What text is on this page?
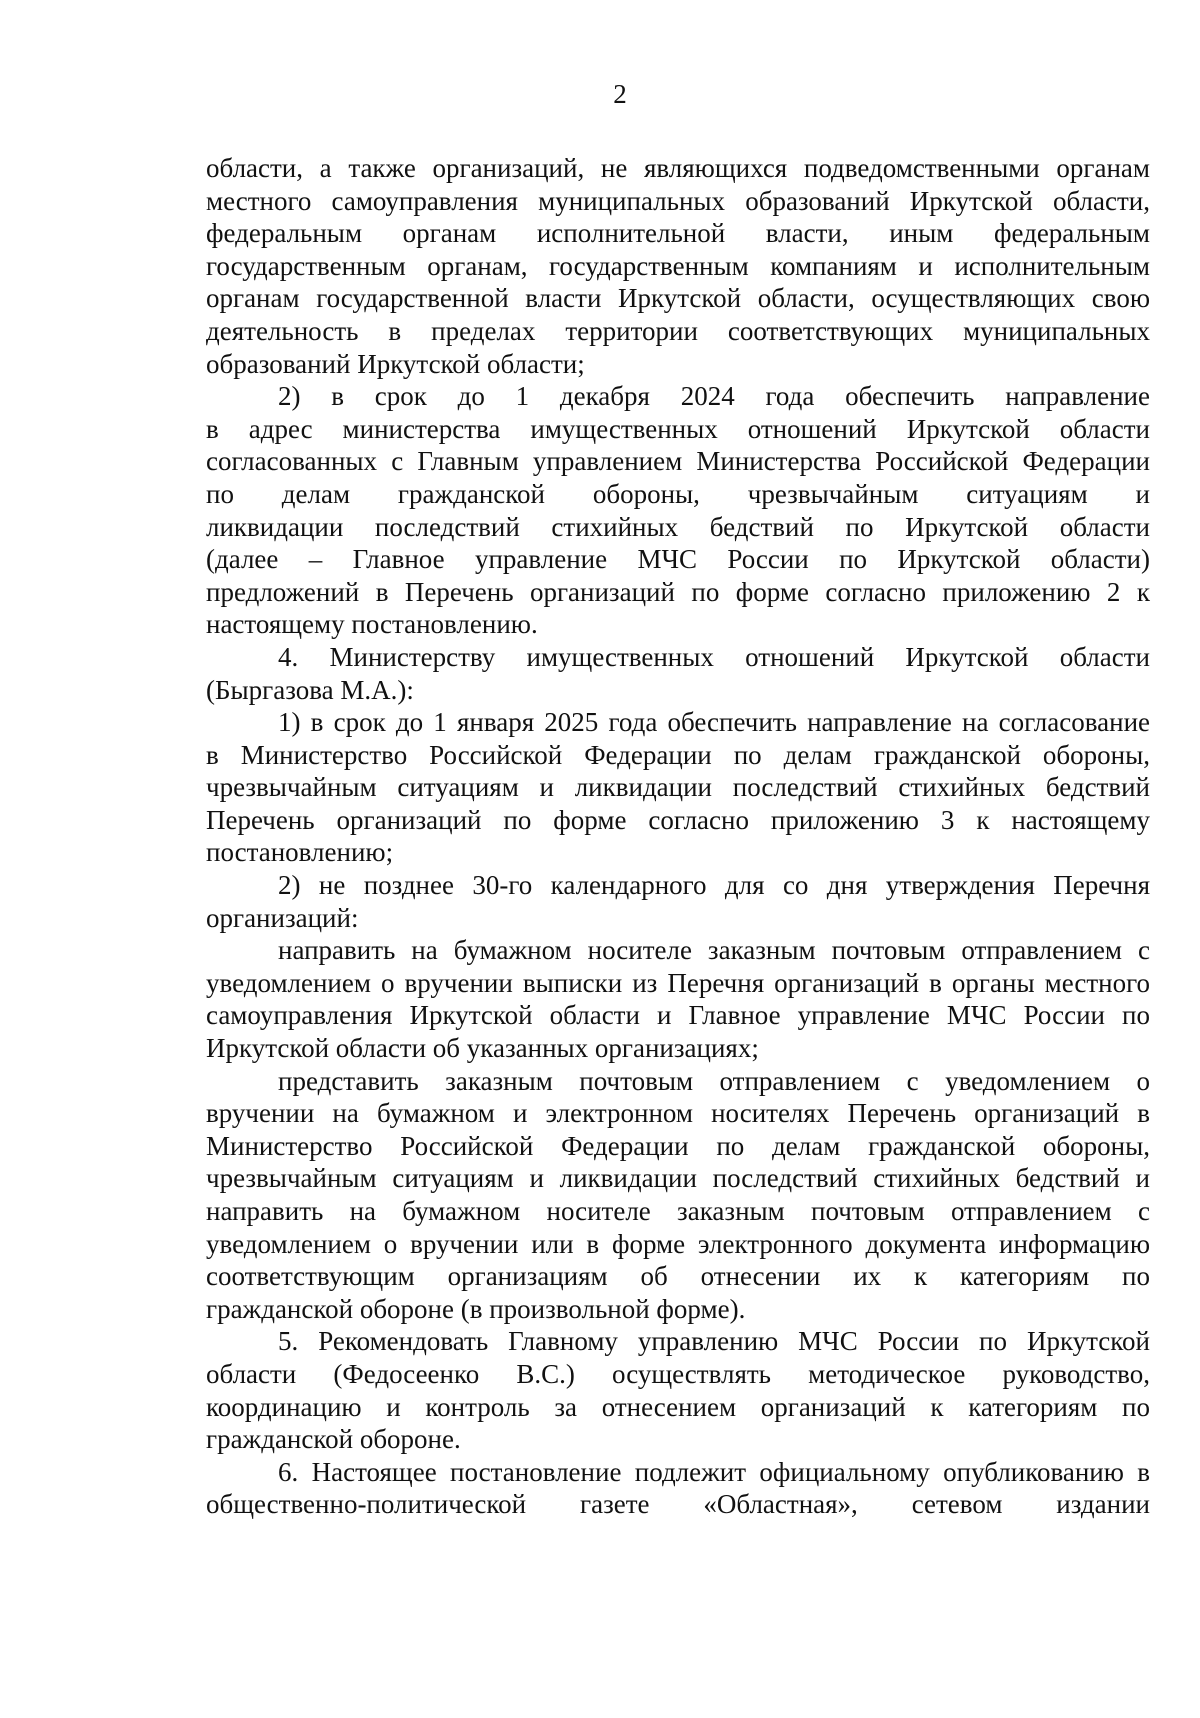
2
области, а также организаций, не являющихся подведомственными органам
местного самоуправления муниципальных образований Иркутской области,
федеральным органам исполнительной власти, иным федеральным
государственным органам, государственным компаниям и исполнительным
органам государственной власти Иркутской области, осуществляющих свою
деятельность в пределах территории соответствующих муниципальных
образований Иркутской области;
2) в срок до 1 декабря 2024 года обеспечить направление
в адрес министерства имущественных отношений Иркутской области
согласованных с Главным управлением Министерства Российской Федерации
по делам гражданской обороны, чрезвычайным ситуациям и
ликвидации последствий стихийных бедствий по Иркутской области
(далее – Главное управление МЧС России по Иркутской области)
предложений в Перечень организаций по форме согласно приложению 2 к
настоящему постановлению.
4. Министерству имущественных отношений Иркутской области
(Быргазова М.А.):
1) в срок до 1 января 2025 года обеспечить направление на согласование
в Министерство Российской Федерации по делам гражданской обороны,
чрезвычайным ситуациям и ликвидации последствий стихийных бедствий
Перечень организаций по форме согласно приложению 3 к настоящему
постановлению;
2) не позднее 30-го календарного для со дня утверждения Перечня
организаций:
направить на бумажном носителе заказным почтовым отправлением с
уведомлением о вручении выписки из Перечня организаций в органы местного
самоуправления Иркутской области и Главное управление МЧС России по
Иркутской области об указанных организациях;
представить заказным почтовым отправлением с уведомлением о
вручении на бумажном и электронном носителях Перечень организаций в
Министерство Российской Федерации по делам гражданской обороны,
чрезвычайным ситуациям и ликвидации последствий стихийных бедствий и
направить на бумажном носителе заказным почтовым отправлением с
уведомлением о вручении или в форме электронного документа информацию
соответствующим организациям об отнесении их к категориям по
гражданской обороне (в произвольной форме).
5. Рекомендовать Главному управлению МЧС России по Иркутской
области (Федосеенко В.С.) осуществлять методическое руководство,
координацию и контроль за отнесением организаций к категориям по
гражданской обороне.
6. Настоящее постановление подлежит официальному опубликованию в
общественно-политической газете «Областная», сетевом издании
